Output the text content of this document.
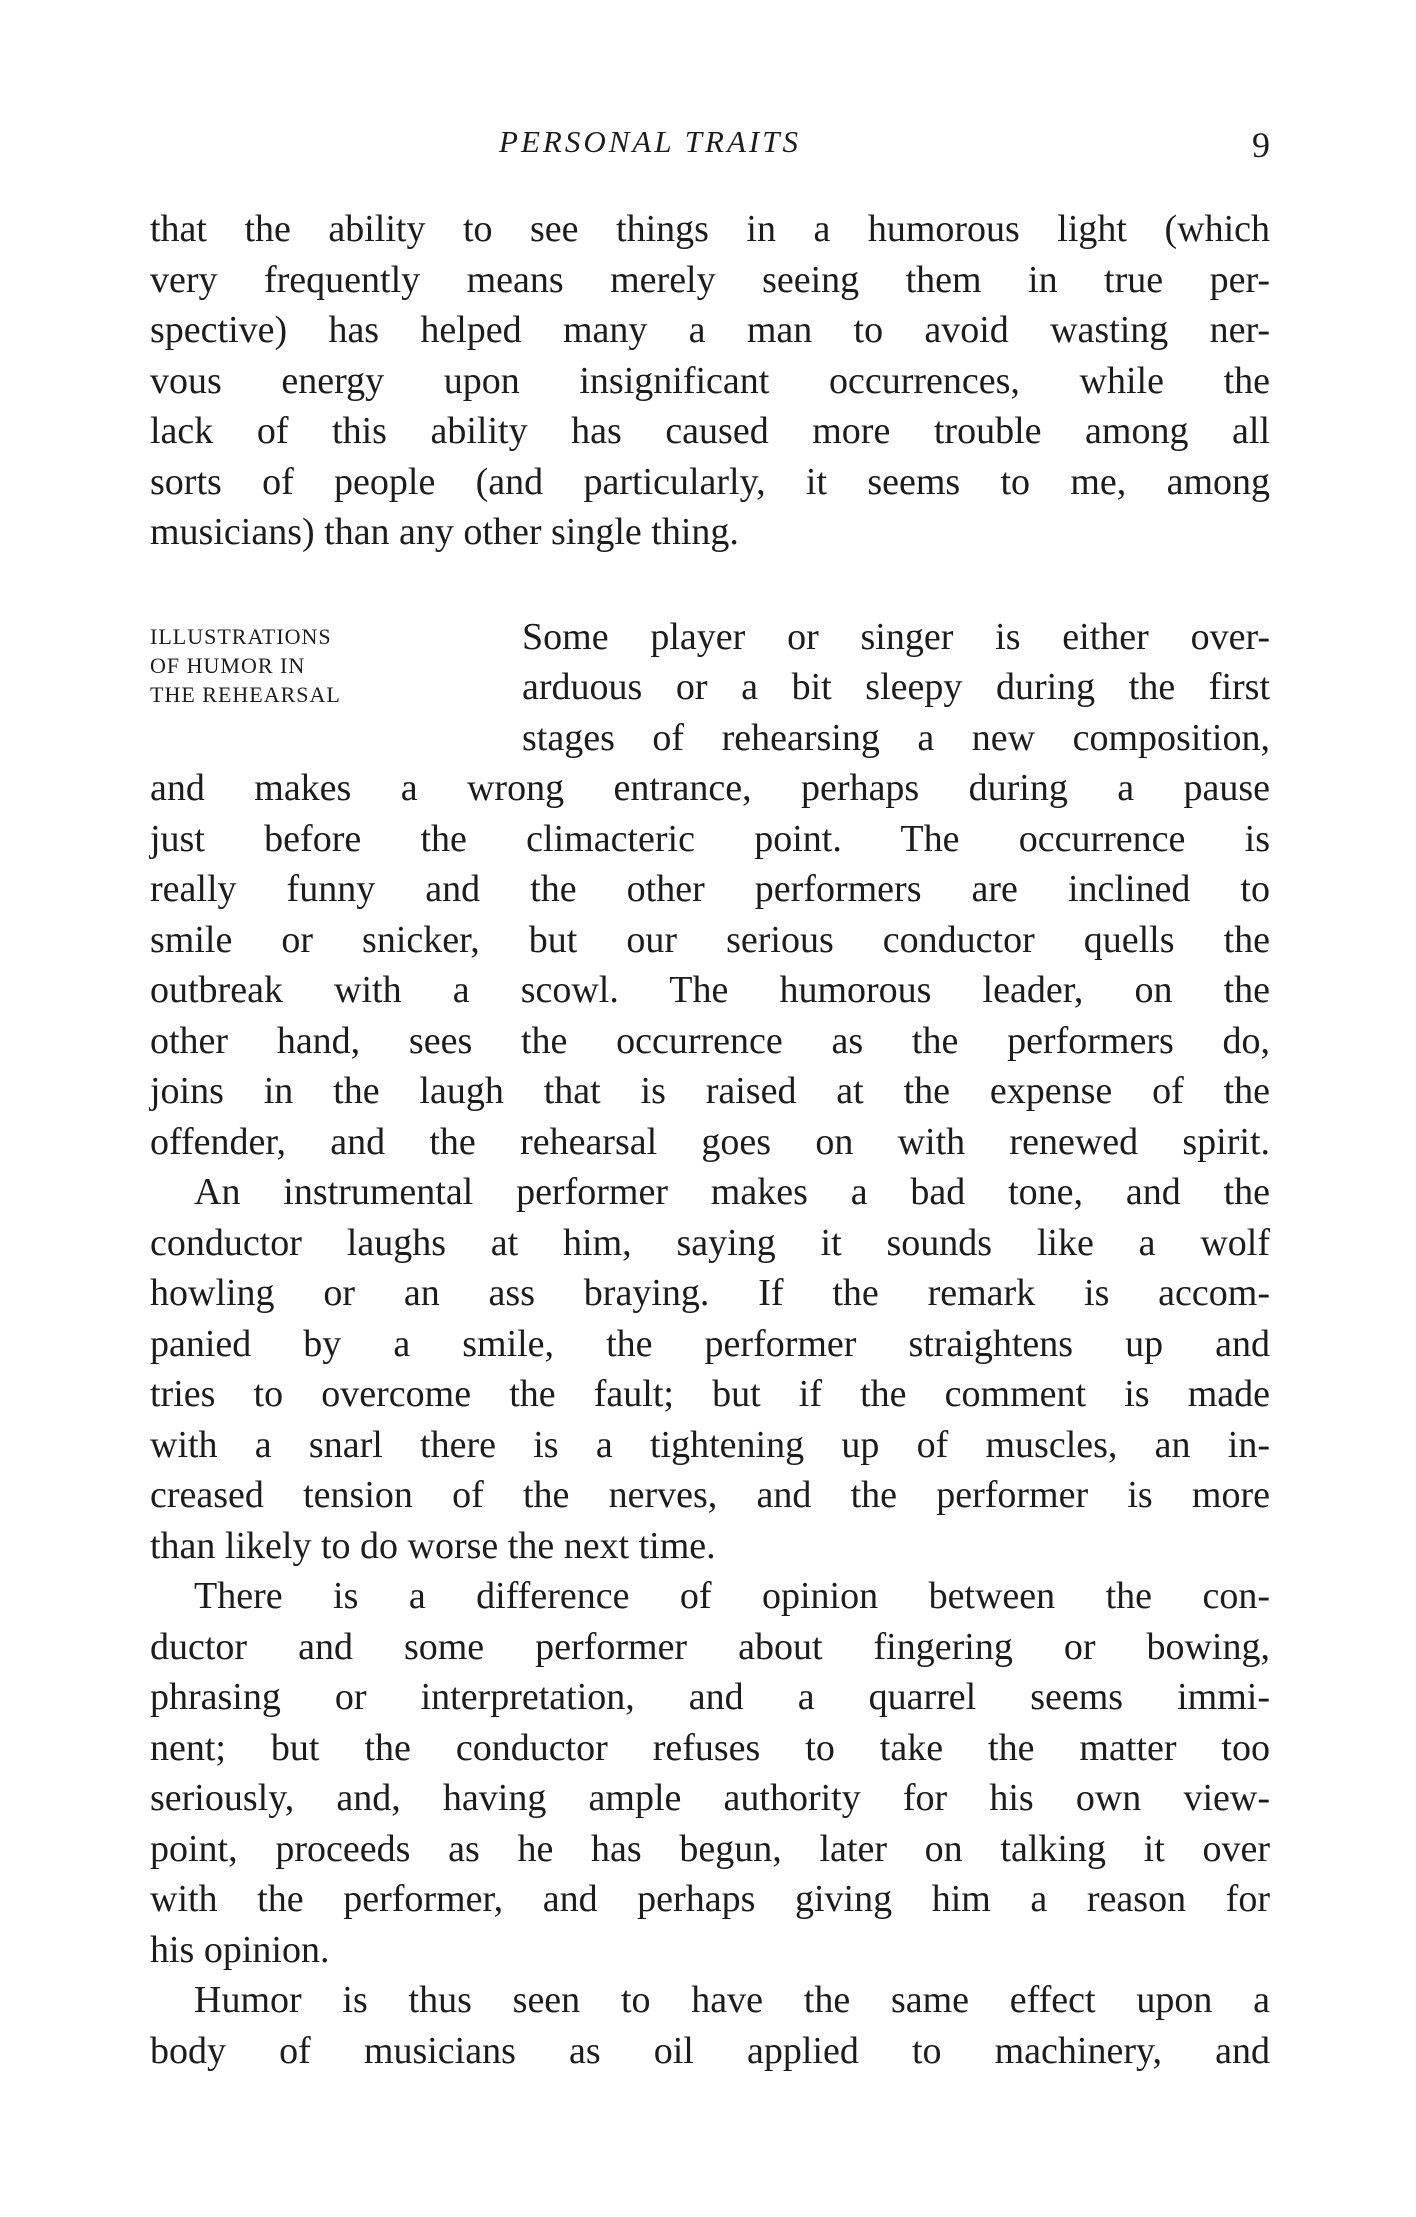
PERSONAL TRAITS	9
that the ability to see things in a humorous light (which
very frequently means merely seeing them in true per-
spective) has helped many a man to avoid wasting ner-
vous energy upon insignificant occurrences, while the
lack of this ability has caused more trouble among all
sorts of people (and particularly, it seems to me, among
musicians) than any other single thing.
ILLUSTRATIONS
OF HUMOR IN
THE REHEARSAL
Some player or singer is either over-
arduous or a bit sleepy during the first
stages of rehearsing a new composition,
and makes a wrong entrance, perhaps during a pause
just before the climacteric point. The occurrence is
really funny and the other performers are inclined to
smile or snicker, but our serious conductor quells the
outbreak with a scowl. The humorous leader, on the
other hand, sees the occurrence as the performers do,
joins in the laugh that is raised at the expense of the
offender, and the rehearsal goes on with renewed spirit.
An instrumental performer makes a bad tone, and the
conductor laughs at him, saying it sounds like a wolf
howling or an ass braying. If the remark is accom-
panied by a smile, the performer straightens up and
tries to overcome the fault; but if the comment is made
with a snarl there is a tightening up of muscles, an in-
creased tension of the nerves, and the performer is more
than likely to do worse the next time.
There is a difference of opinion between the con-
ductor and some performer about fingering or bowing,
phrasing or interpretation, and a quarrel seems immi-
nent; but the conductor refuses to take the matter too
seriously, and, having ample authority for his own view-
point, proceeds as he has begun, later on talking it over
with the performer, and perhaps giving him a reason for
his opinion.
Humor is thus seen to have the same effect upon a
body of musicians as oil applied to machinery, and
